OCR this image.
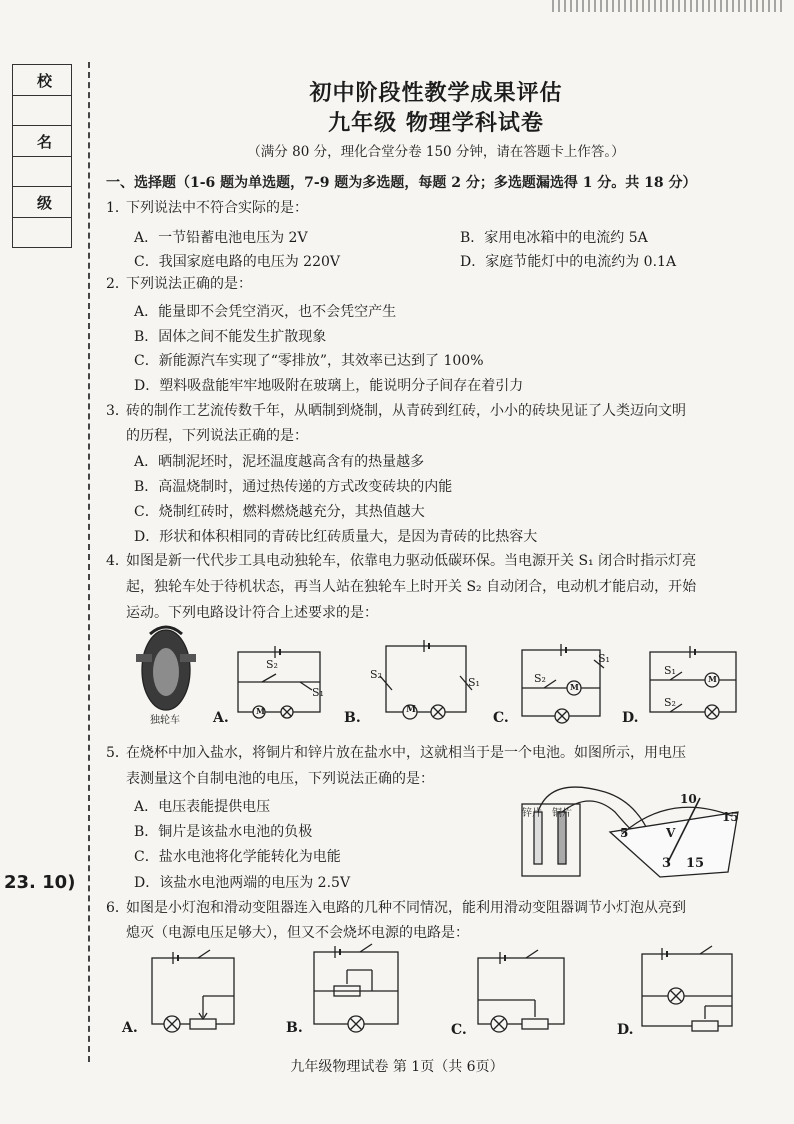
校
名
级
23. 10)
初中阶段性教学成果评估
九年级 物理学科试卷
（满分 80 分，理化合堂分卷 150 分钟，请在答题卡上作答。）
一、选择题（1-6 题为单选题，7-9 题为多选题，每题 2 分；多选题漏选得 1 分。共 18 分）
1．下列说法中不符合实际的是：
A．一节铅蓄电池电压为 2V	B．家用电冰箱中的电流约 5A
C．我国家庭电路的电压为 220V	D．家庭节能灯中的电流约为 0.1A
2．下列说法正确的是：
A．能量即不会凭空消灭，也不会凭空产生
B．固体之间不能发生扩散现象
C．新能源汽车实现了“零排放”，其效率已达到了 100%
D．塑料吸盘能牢牢地吸附在玻璃上，能说明分子间存在着引力
3．砖的制作工艺流传数千年，从晒制到烧制，从青砖到红砖，小小的砖块见证了人类迈向文明
的历程，下列说法正确的是：
A．晒制泥坯时，泥坯温度越高含有的热量越多
B．高温烧制时，通过热传递的方式改变砖块的内能
C．烧制红砖时，燃料燃烧越充分，其热值越大
D．形状和体积相同的青砖比红砖质量大，是因为青砖的比热容大
4．如图是新一代代步工具电动独轮车，依靠电力驱动低碳环保。当电源开关 S₁ 闭合时指示灯亮
起，独轮车处于待机状态，再当人站在独轮车上时开关 S₂ 自动闭合，电动机才能启动，开始
运动。下列电路设计符合上述要求的是：
独轮车 A.	B.	C.	D.
S₂
S₁
M
S₂
S₁
M
S₁
S₂
M
S₁
S₂
M
5．在烧杯中加入盐水，将铜片和锌片放在盐水中，这就相当于是一个电池。如图所示，用电压
表测量这个自制电池的电压，下列说法正确的是：
A．电压表能提供电压
B．铜片是该盐水电池的负极
C．盐水电池将化学能转化为电能
D．该盐水电池两端的电压为 2.5V
锌片 铜片
5
10
15
V
3 15
6．如图是小灯泡和滑动变阻器连入电路的几种不同情况，能利用滑动变阻器调节小灯泡从亮到
熄灭（电源电压足够大），但又不会烧坏电源的电路是：
A.	B.	C.	D.
九年级物理试卷 第 1页（共 6页）
